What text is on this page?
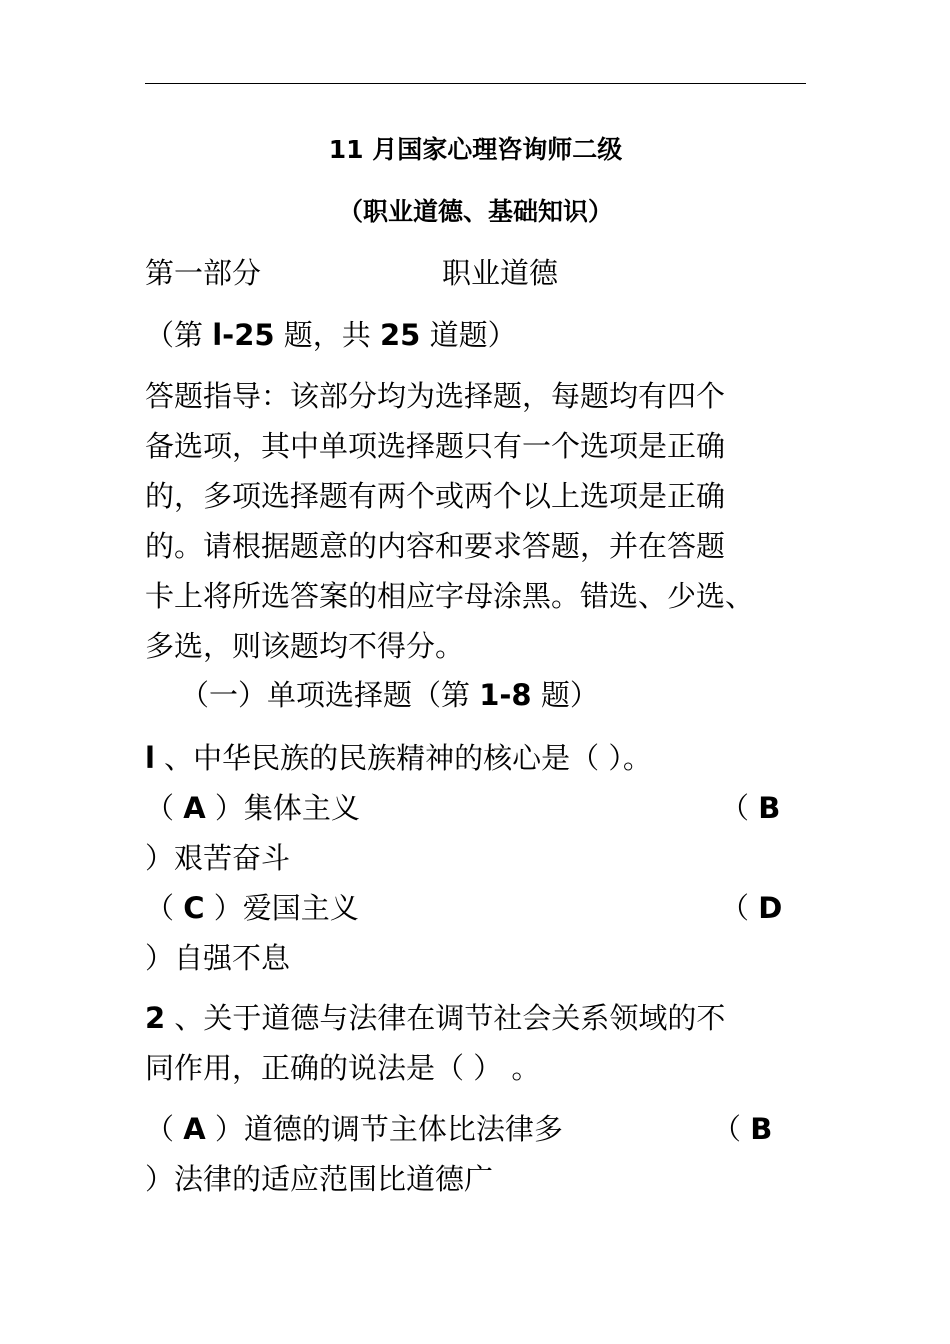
11 月国家心理咨询师二级
（职业道德、基础知识）
第一部分	职业道德
（第 l-25 题，共 25 道题）
答题指导：该部分均为选择题，每题均有四个
备选项，其中单项选择题只有一个选项是正确
的，多项选择题有两个或两个以上选项是正确
的。请根据题意的内容和要求答题，并在答题
卡上将所选答案的相应字母涂黑。错选、少选、
多选，则该题均不得分。
（一）单项选择题（第 1-8 题）
l 、中华民族的民族精神的核心是（ ）。
（ A ）集体主义	（ B
）艰苦奋斗
（ C ）爱国主义	（ D
）自强不息
2 、关于道德与法律在调节社会关系领域的不
同作用，正确的说法是（ ） 。
（ A ）道德的调节主体比法律多	（ B
）法律的适应范围比道德广
